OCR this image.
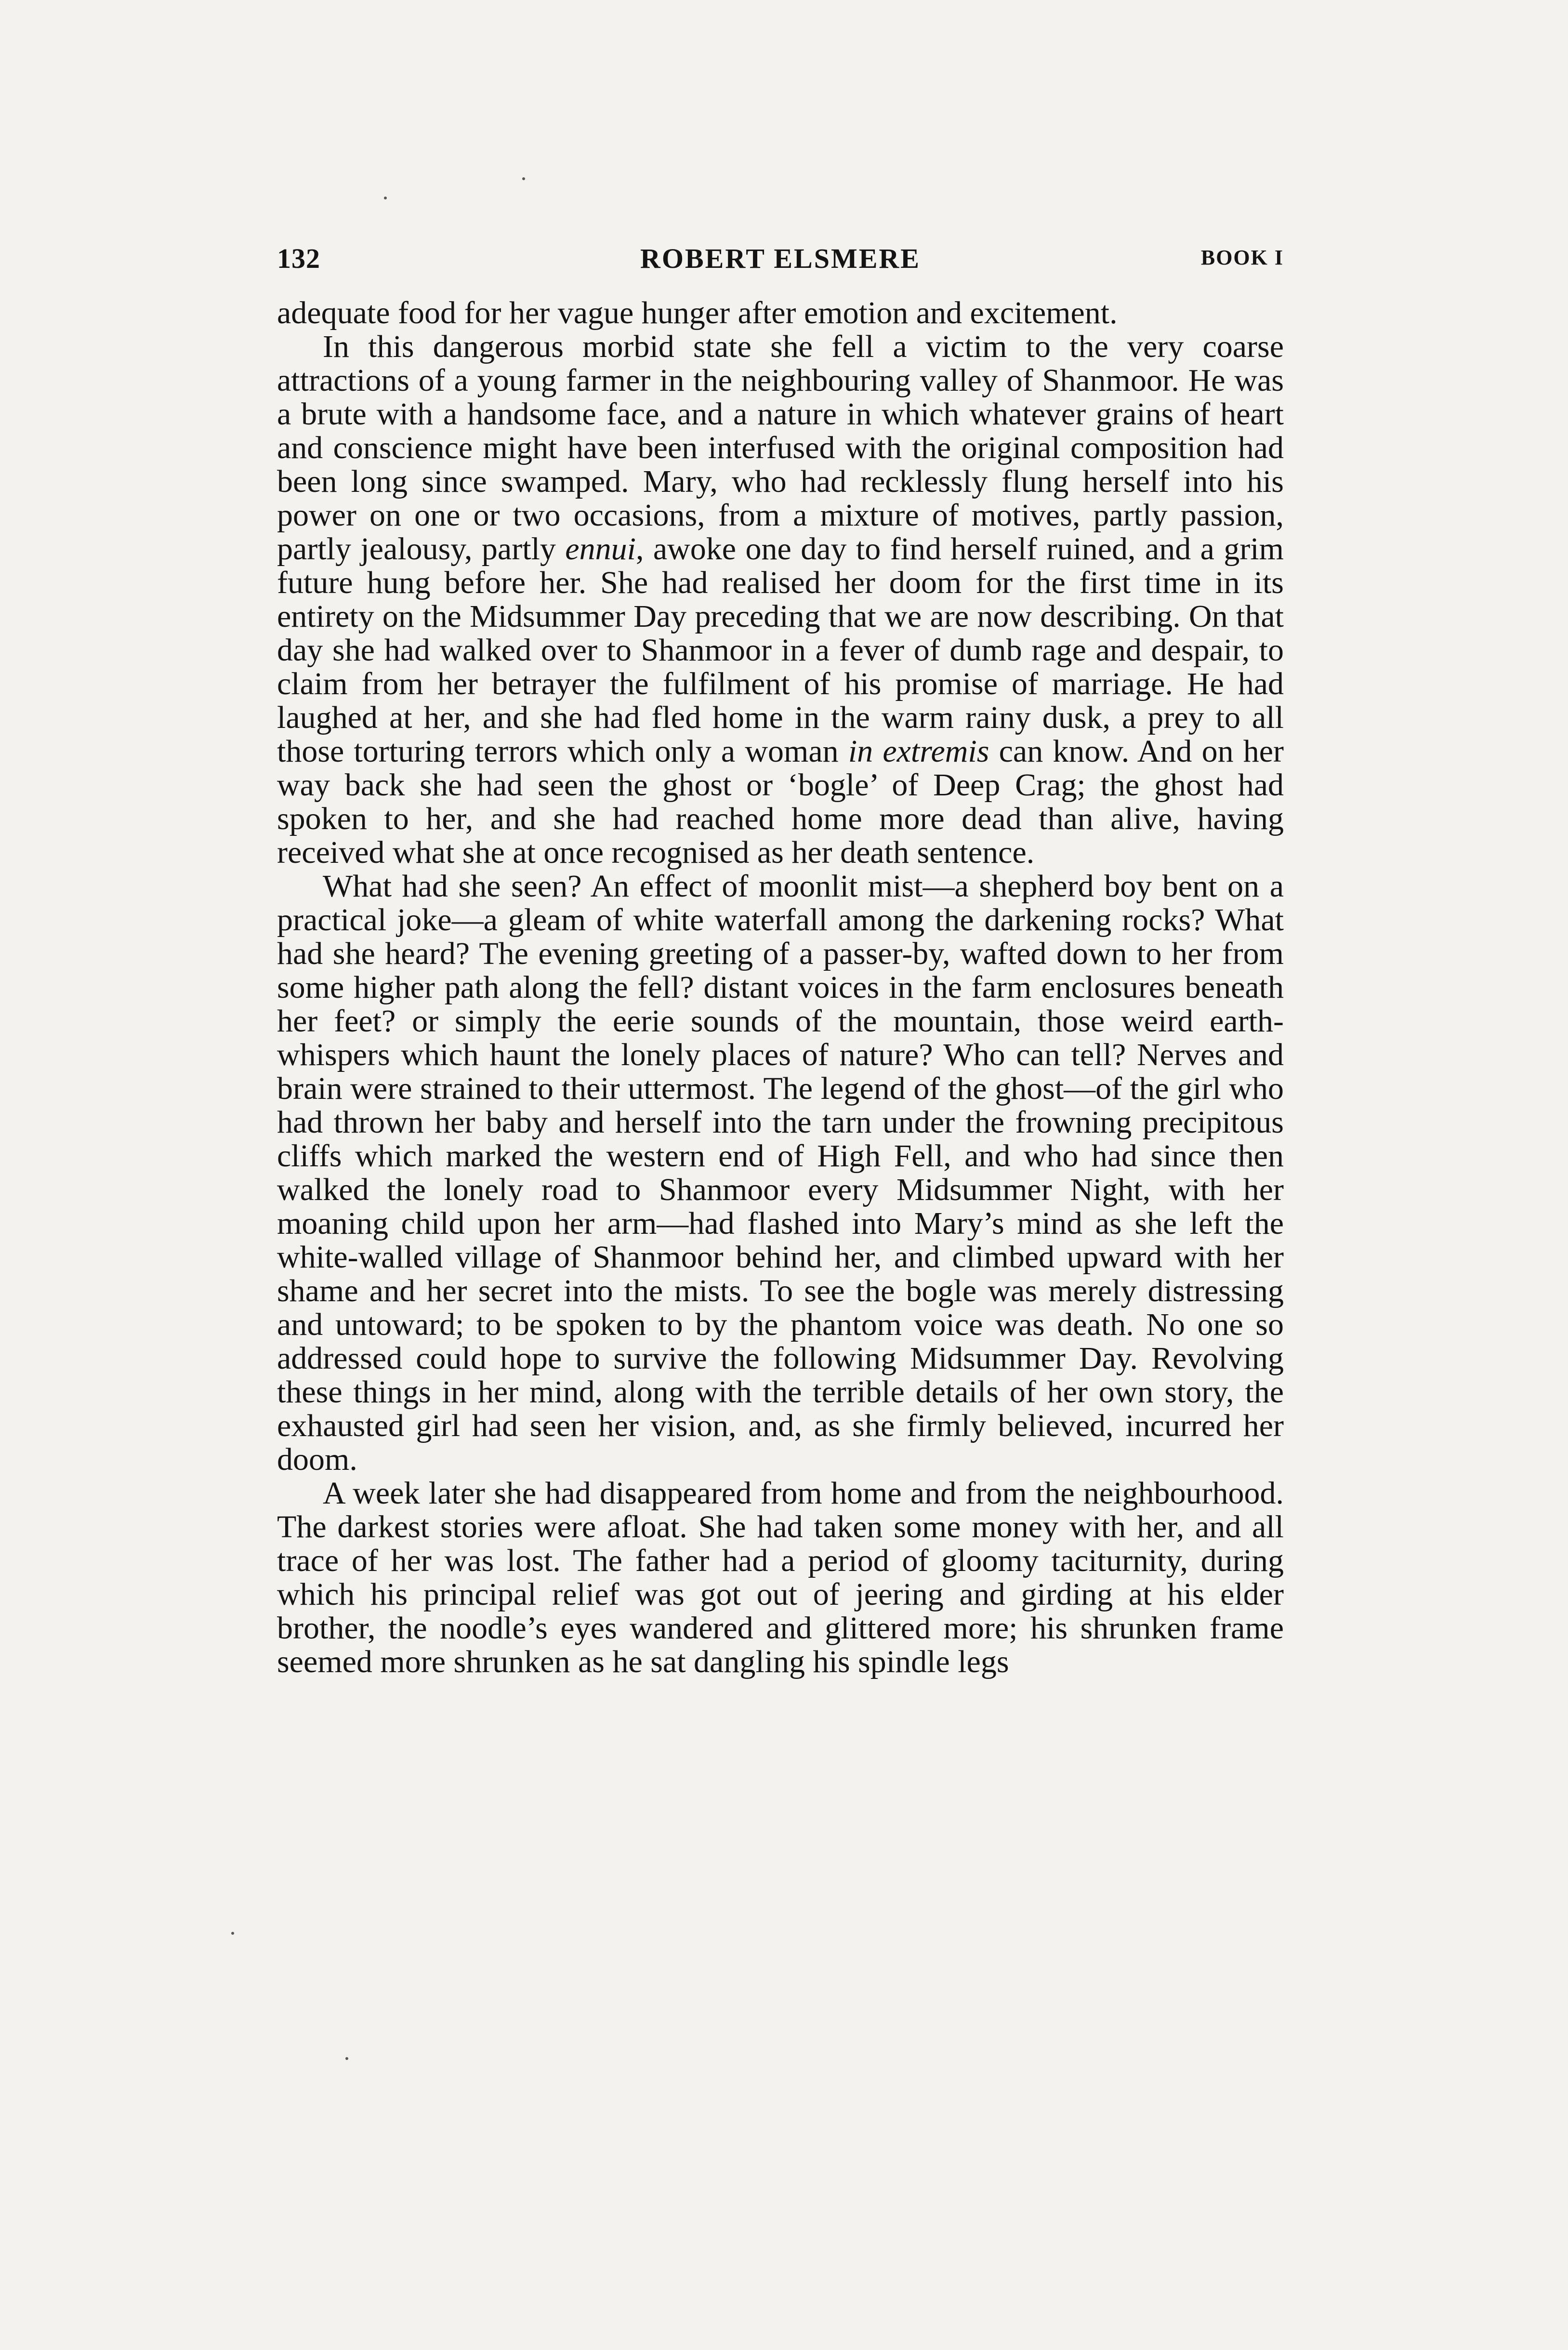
132	ROBERT ELSMERE	BOOK I

adequate food for her vague hunger after emotion and excitement.

In this dangerous morbid state she fell a victim to the very coarse attractions of a young farmer in the neighbouring valley of Shanmoor. He was a brute with a handsome face, and a nature in which whatever grains of heart and conscience might have been interfused with the original composition had been long since swamped. Mary, who had recklessly flung herself into his power on one or two occasions, from a mixture of motives, partly passion, partly jealousy, partly ennui, awoke one day to find herself ruined, and a grim future hung before her. She had realised her doom for the first time in its entirety on the Midsummer Day preceding that we are now describing. On that day she had walked over to Shanmoor in a fever of dumb rage and despair, to claim from her betrayer the fulfilment of his promise of marriage. He had laughed at her, and she had fled home in the warm rainy dusk, a prey to all those torturing terrors which only a woman in extremis can know. And on her way back she had seen the ghost or ‘bogle’ of Deep Crag; the ghost had spoken to her, and she had reached home more dead than alive, having received what she at once recognised as her death sentence.

What had she seen? An effect of moonlit mist—a shepherd boy bent on a practical joke—a gleam of white waterfall among the darkening rocks? What had she heard? The evening greeting of a passer-by, wafted down to her from some higher path along the fell? distant voices in the farm enclosures beneath her feet? or simply the eerie sounds of the mountain, those weird earth-whispers which haunt the lonely places of nature? Who can tell? Nerves and brain were strained to their uttermost. The legend of the ghost—of the girl who had thrown her baby and herself into the tarn under the frowning precipitous cliffs which marked the western end of High Fell, and who had since then walked the lonely road to Shanmoor every Midsummer Night, with her moaning child upon her arm—had flashed into Mary’s mind as she left the white-walled village of Shanmoor behind her, and climbed upward with her shame and her secret into the mists. To see the bogle was merely distressing and untoward; to be spoken to by the phantom voice was death. No one so addressed could hope to survive the following Midsummer Day. Revolving these things in her mind, along with the terrible details of her own story, the exhausted girl had seen her vision, and, as she firmly believed, incurred her doom.

A week later she had disappeared from home and from the neighbourhood. The darkest stories were afloat. She had taken some money with her, and all trace of her was lost. The father had a period of gloomy taciturnity, during which his principal relief was got out of jeering and girding at his elder brother, the noodle’s eyes wandered and glittered more; his shrunken frame seemed more shrunken as he sat dangling his spindle legs
